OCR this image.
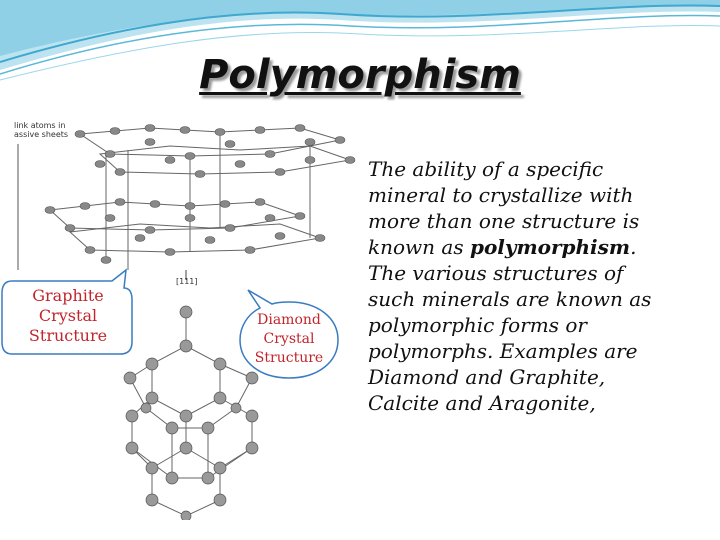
Polymorphism
link atoms in
assive sheets
[111]
Graphite
Crystal
Structure
Diamond
Crystal
Structure
The ability of a specific mineral to crystallize with more than one structure is known as polymorphism. The various structures of such minerals are known as polymorphic forms or polymorphs. Examples are Diamond and Graphite, Calcite and Aragonite,
